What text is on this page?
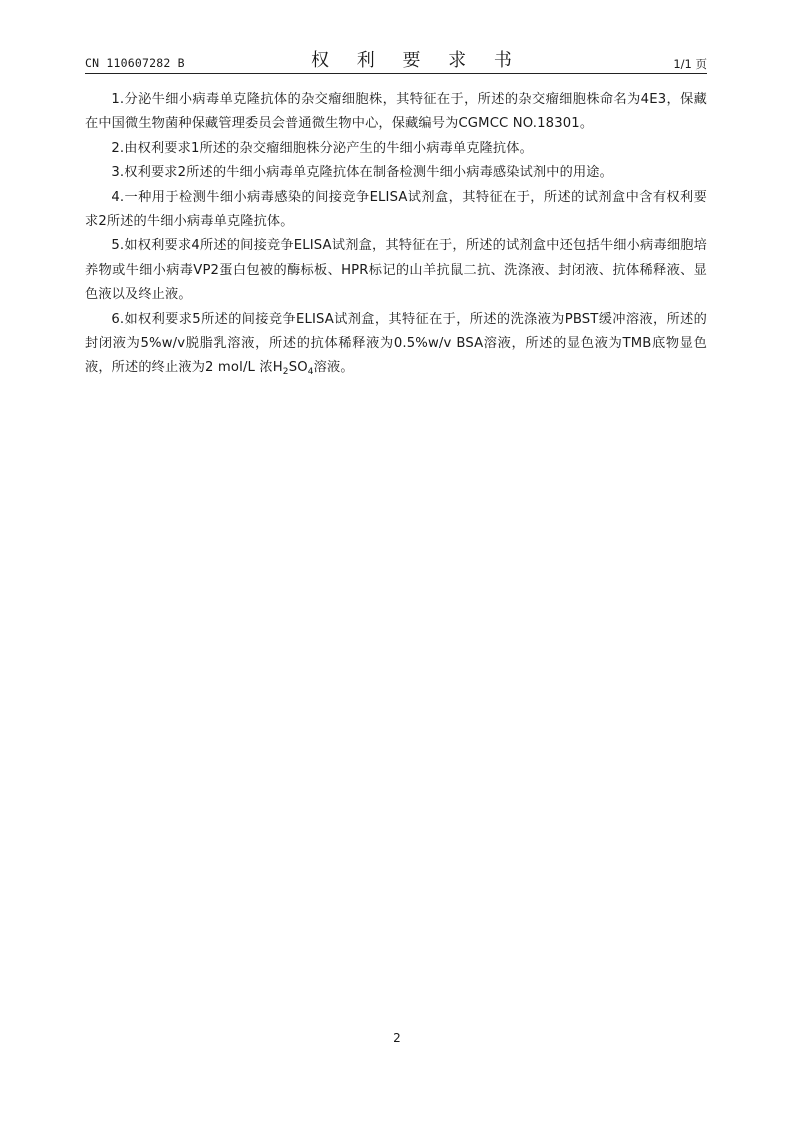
CN 110607282 B	权 利 要 求 书	1/1 页

1.分泌牛细小病毒单克隆抗体的杂交瘤细胞株，其特征在于，所述的杂交瘤细胞株命名为4E3，保藏在中国微生物菌种保藏管理委员会普通微生物中心，保藏编号为CGMCC NO.18301。

2.由权利要求1所述的杂交瘤细胞株分泌产生的牛细小病毒单克隆抗体。

3.权利要求2所述的牛细小病毒单克隆抗体在制备检测牛细小病毒感染试剂中的用途。

4.一种用于检测牛细小病毒感染的间接竞争ELISA试剂盒，其特征在于，所述的试剂盒中含有权利要求2所述的牛细小病毒单克隆抗体。

5.如权利要求4所述的间接竞争ELISA试剂盒，其特征在于，所述的试剂盒中还包括牛细小病毒细胞培养物或牛细小病毒VP2蛋白包被的酶标板、HPR标记的山羊抗鼠二抗、洗涤液、封闭液、抗体稀释液、显色液以及终止液。

6.如权利要求5所述的间接竞争ELISA试剂盒，其特征在于，所述的洗涤液为PBST缓冲溶液，所述的封闭液为5%w/v脱脂乳溶液，所述的抗体稀释液为0.5%w/v BSA溶液，所述的显色液为TMB底物显色液，所述的终止液为2 mol/L 浓$H_2SO_4$溶液。

2
